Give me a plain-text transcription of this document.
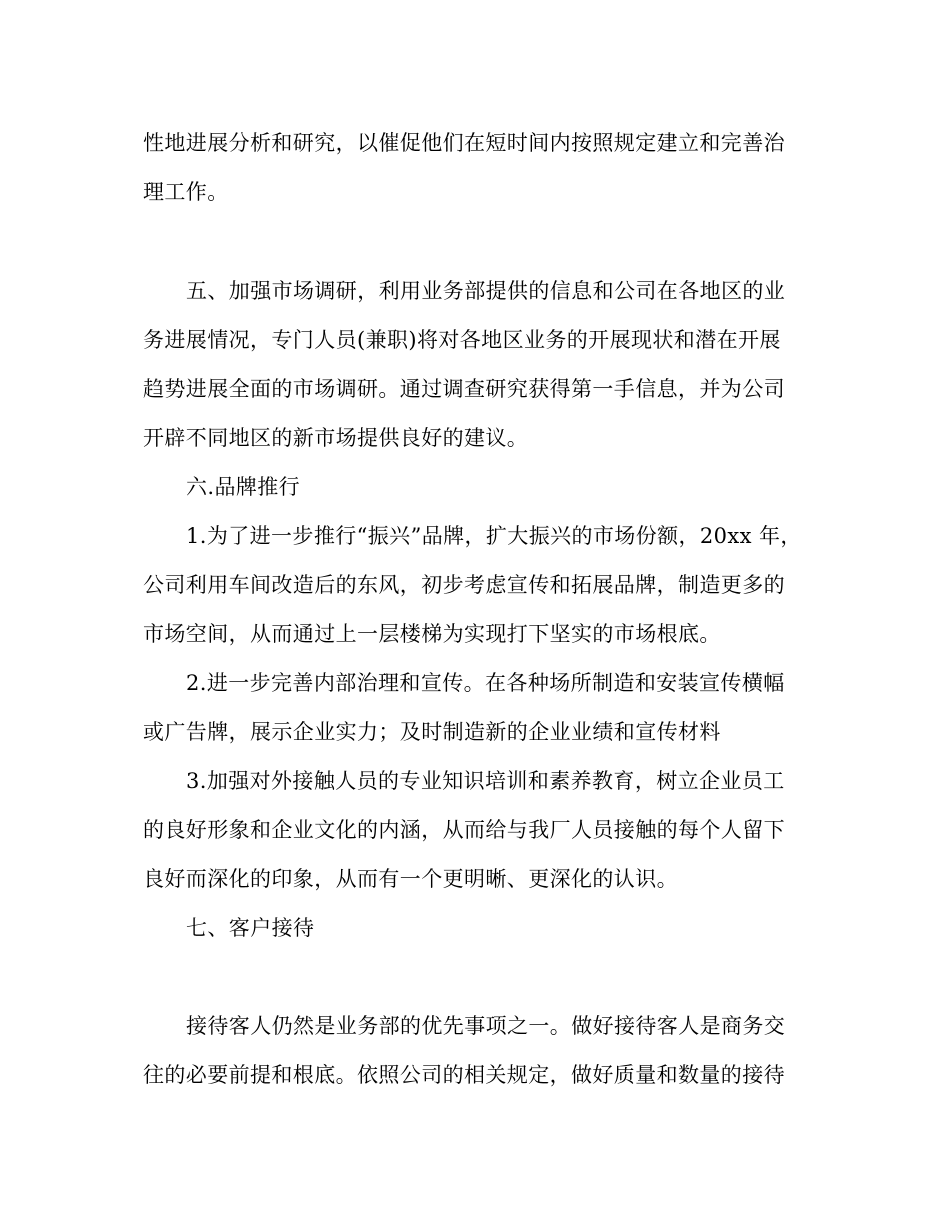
性地进展分析和研究，以催促他们在短时间内按照规定建立和完善治
理工作。
五、加强市场调研，利用业务部提供的信息和公司在各地区的业
务进展情况，专门人员(兼职)将对各地区业务的开展现状和潜在开展
趋势进展全面的市场调研。通过调查研究获得第一手信息，并为公司
开辟不同地区的新市场提供良好的建议。
六.品牌推行
1.为了进一步推行“振兴”品牌，扩大振兴的市场份额，20xx 年，
公司利用车间改造后的东风，初步考虑宣传和拓展品牌，制造更多的
市场空间，从而通过上一层楼梯为实现打下坚实的市场根底。
2.进一步完善内部治理和宣传。在各种场所制造和安装宣传横幅
或广告牌，展示企业实力；及时制造新的企业业绩和宣传材料
3.加强对外接触人员的专业知识培训和素养教育，树立企业员工
的良好形象和企业文化的内涵，从而给与我厂人员接触的每个人留下
良好而深化的印象，从而有一个更明晰、更深化的认识。
七、客户接待
接待客人仍然是业务部的优先事项之一。做好接待客人是商务交
往的必要前提和根底。依照公司的相关规定，做好质量和数量的接待
